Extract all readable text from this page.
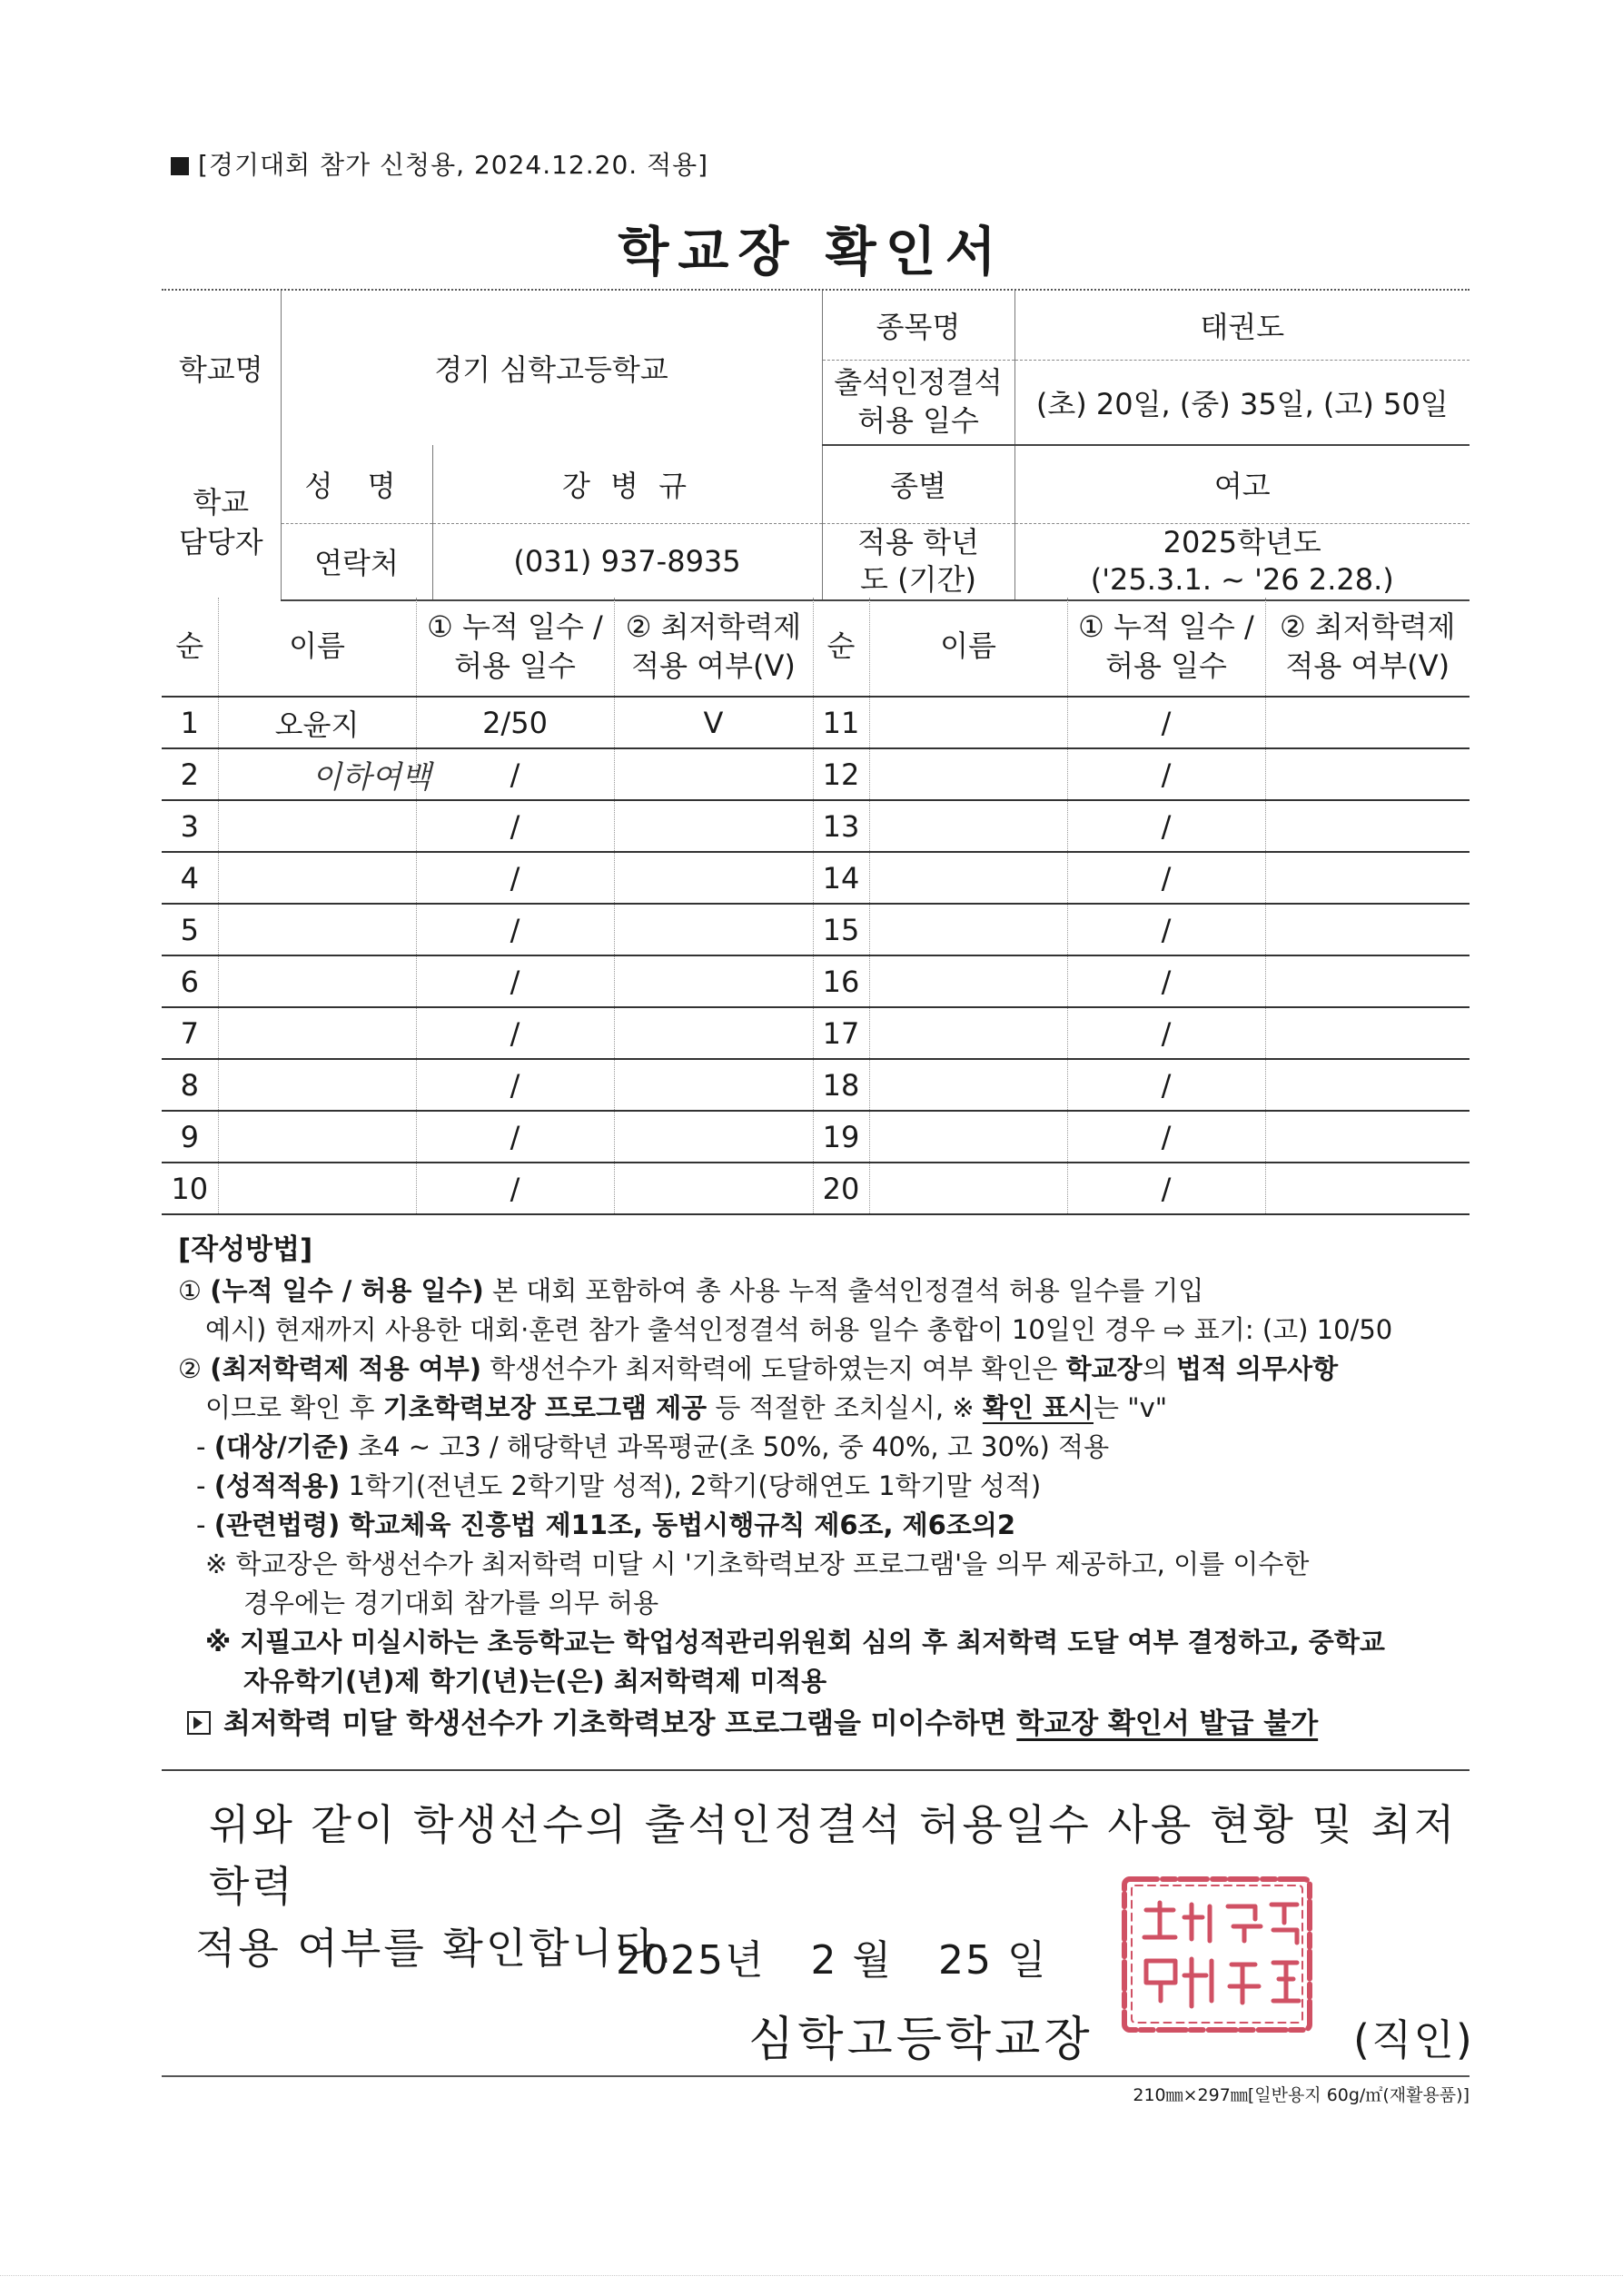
[경기대회 참가 신청용, 2024.12.20. 적용]
학교장 확인서
학교명	경기 심학고등학교		종목명	태권도
			출석인정결석 허용 일수	(초) 20일, (중) 35일, (고) 50일
학교 담당자	성 명	강 병 규	종별	여고
	연락처	(031) 937-8935	적용 학년도 (기간)	2025학년도
('25.3.1. ~ '26 2.28.)
순	이름	① 누적 일수 / 허용 일수	② 최저학력제 적용 여부(V)	순	이름	① 누적 일수 / 허용 일수	② 최저학력제 적용 여부(V)
1	오윤지	2/50	V	11		/	
2	이하여백	/		12		/	
3		/		13		/	
4		/		14		/	
5		/		15		/	
6		/		16		/	
7		/		17		/	
8		/		18		/	
9		/		19		/	
10		/		20		/	
[작성방법]
① (누적 일수 / 허용 일수) 본 대회 포함하여 총 사용 누적 출석인정결석 허용 일수를 기입
예시) 현재까지 사용한 대회·훈련 참가 출석인정결석 허용 일수 총합이 10일인 경우 ⇨ 표기: (고) 10/50
② (최저학력제 적용 여부) 학생선수가 최저학력에 도달하였는지 여부 확인은 학교장의 법적 의무사항
이므로 확인 후 기초학력보장 프로그램 제공 등 적절한 조치실시, ※ 확인 표시는 "v"
- (대상/기준) 초4 ~ 고3 / 해당학년 과목평균(초 50%, 중 40%, 고 30%) 적용
- (성적적용) 1학기(전년도 2학기말 성적), 2학기(당해연도 1학기말 성적)
- (관련법령) 학교체육 진흥법 제11조, 동법시행규칙 제6조, 제6조의2
※ 학교장은 학생선수가 최저학력 미달 시 '기초학력보장 프로그램'을 의무 제공하고, 이를 이수한
경우에는 경기대회 참가를 의무 허용
※ 지필고사 미실시하는 초등학교는 학업성적관리위원회 심의 후 최저학력 도달 여부 결정하고, 중학교
자유학기(년)제 학기(년)는(은) 최저학력제 미적용
최저학력 미달 학생선수가 기초학력보장 프로그램을 미이수하면 학교장 확인서 발급 불가
위와 같이 학생선수의 출석인정결석 허용일수 사용 현황 및 최저학력
적용 여부를 확인합니다.
2025년 2 월 25 일
심학고등학교장	(직인)
210㎜×297㎜[일반용지 60g/㎡(재활용품)]
